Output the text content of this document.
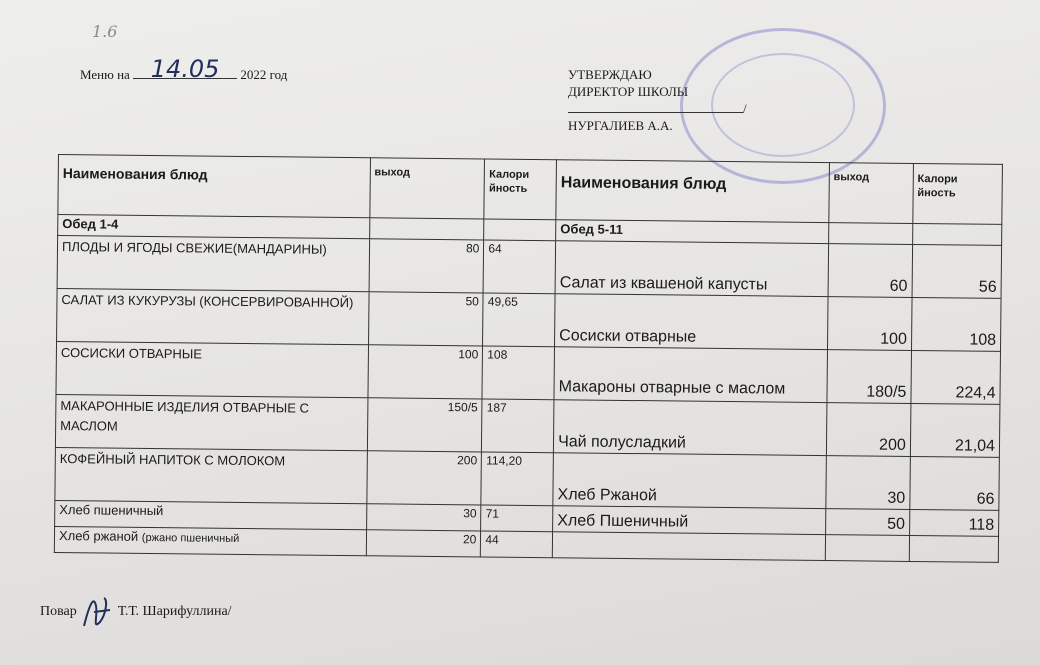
1.6
Меню на 14.05 2022 год	УТВЕРЖДАЮ
ДИРЕКТОР ШКОЛЫ
/
НУРГАЛИЕВ А.А.
Наименования блюд	выход	Калори йность	Наименования блюд	выход	Калори йность
Обед 1-4			Обед 5-11		
ПЛОДЫ И ЯГОДЫ СВЕЖИЕ(МАНДАРИНЫ)	80	64	Салат из квашеной капусты	60	56
САЛАТ ИЗ КУКУРУЗЫ (КОНСЕРВИРОВАННОЙ)	50	49,65	Сосиски отварные	100	108
СОСИСКИ ОТВАРНЫЕ	100	108	Макароны отварные с маслом	180/5	224,4
МАКАРОННЫЕ ИЗДЕЛИЯ ОТВАРНЫЕ С МАСЛОМ	150/5	187	Чай полусладкий	200	21,04
КОФЕЙНЫЙ НАПИТОК С МОЛОКОМ	200	114,20	Хлеб Ржаной	30	66
Хлеб пшеничный	30	71	Хлеб Пшеничный	50	118
Хлеб ржаной (ржано пшеничный	20	44			
Повар	Т.Т. Шарифуллина/
